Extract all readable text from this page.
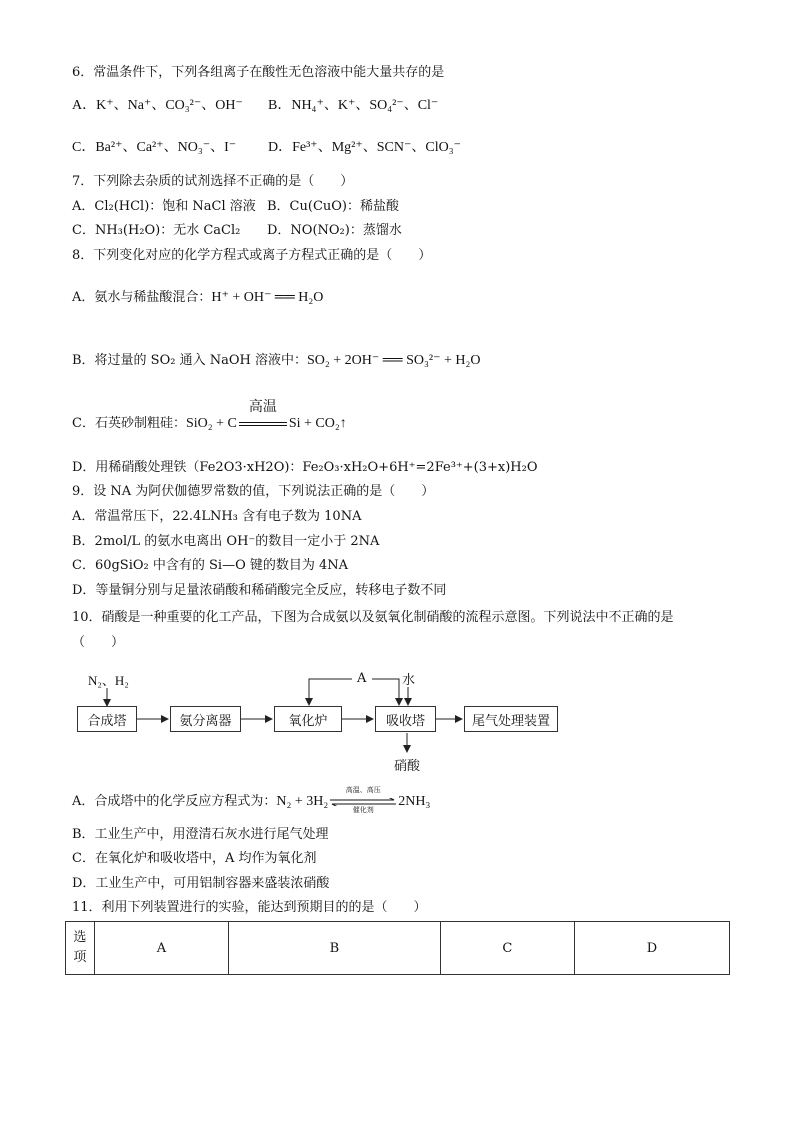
6．常温条件下，下列各组离子在酸性无色溶液中能大量共存的是
A．K⁺、Na⁺、CO₃²⁻、OH⁻ B．NH₄⁺、K⁺、SO₄²⁻、Cl⁻
C．Ba²⁺、Ca²⁺、NO₃⁻、I⁻ D．Fe³⁺、Mg²⁺、SCN⁻、ClO₃⁻
7．下列除去杂质的试剂选择不正确的是（　　）
A．Cl₂(HCl)：饱和 NaCl 溶液 B．Cu(CuO)：稀盐酸
C．NH₃(H₂O)：无水 CaCl₂ D．NO(NO₂)：蒸馏水
8．下列变化对应的化学方程式或离子方程式正确的是（　　）
A．氨水与稀盐酸混合：H⁺ + OH⁻ ══ H₂O
B．将过量的 SO₂ 通入 NaOH 溶液中：SO₂ + 2OH⁻ ══ SO₃²⁻ + H₂O
C．石英砂制粗硅：SiO₂ + C
高温
Si + CO₂↑
D．用稀硝酸处理铁（Fe2O3·xH2O)：Fe₂O₃·xH₂O+6H⁺=2Fe³⁺+(3+x)H₂O
9．设 NA 为阿伏伽德罗常数的值，下列说法正确的是（　　）
A．常温常压下，22.4LNH₃ 含有电子数为 10NA
B．2mol/L 的氨水电离出 OH⁻的数目一定小于 2NA
C．60gSiO₂ 中含有的 Si—O 键的数目为 4NA
D．等量铜分别与足量浓硝酸和稀硝酸完全反应，转移电子数不同
10．硝酸是一种重要的化工产品，下图为合成氨以及氨氧化制硝酸的流程示意图。下列说法中不正确的是
（　　）
N₂、H₂
合成塔	氨分离器	氧化炉	吸收塔	尾气处理装置
A	水
硝酸
A．合成塔中的化学反应方程式为：N₂ + 3H₂
高温、高压
催化剂
2NH₃
B．工业生产中，用澄清石灰水进行尾气处理
C．在氧化炉和吸收塔中，A 均作为氧化剂
D．工业生产中，可用铝制容器来盛装浓硝酸
11．利用下列装置进行的实验，能达到预期目的的是（　　）
选项	A	B	C	D
